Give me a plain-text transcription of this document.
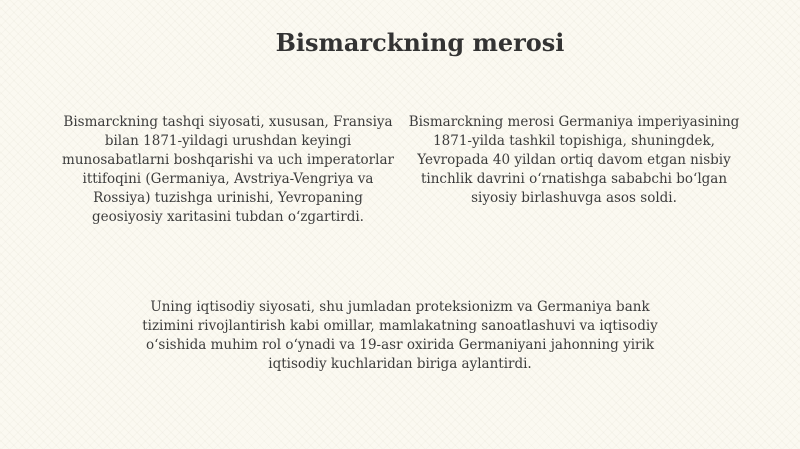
Bismarckning merosi

Bismarckning tashqi siyosati, xususan, Fransiya bilan 1871-yildagi urushdan keyingi munosabatlarni boshqarishi va uch imperatorlar ittifoqini (Germaniya, Avstriya-Vengriya va Rossiya) tuzishga urinishi, Yevropaning geosiyosiy xaritasini tubdan o‘zgartirdi.

Bismarckning merosi Germaniya imperiyasining 1871-yilda tashkil topishiga, shuningdek, Yevropada 40 yildan ortiq davom etgan nisbiy tinchlik davrini o‘rnatishga sababchi bo‘lgan siyosiy birlashuvga asos soldi.

Uning iqtisodiy siyosati, shu jumladan proteksionizm va Germaniya bank tizimini rivojlantirish kabi omillar, mamlakatning sanoatlashuvi va iqtisodiy o‘sishida muhim rol o‘ynadi va 19-asr oxirida Germaniyani jahonning yirik iqtisodiy kuchlaridan biriga aylantirdi.
